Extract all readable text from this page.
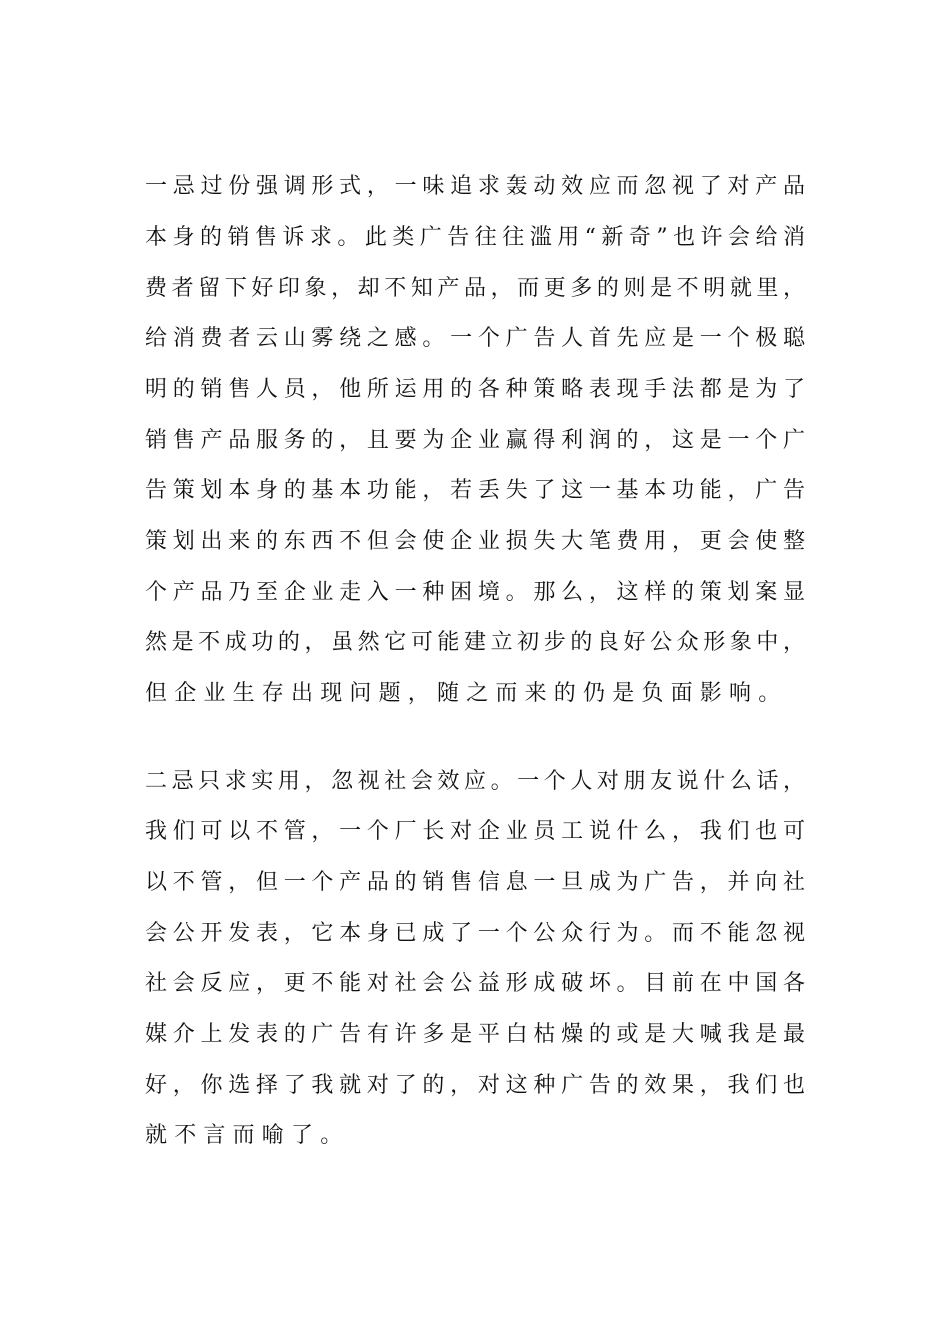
一忌过份强调形式，一味追求轰动效应而忽视了对产品
本身的销售诉求。此类广告往往滥用“新奇”也许会给消
费者留下好印象，却不知产品，而更多的则是不明就里，
给消费者云山雾绕之感。一个广告人首先应是一个极聪
明的销售人员，他所运用的各种策略表现手法都是为了
销售产品服务的，且要为企业赢得利润的，这是一个广
告策划本身的基本功能，若丢失了这一基本功能，广告
策划出来的东西不但会使企业损失大笔费用，更会使整
个产品乃至企业走入一种困境。那么，这样的策划案显
然是不成功的，虽然它可能建立初步的良好公众形象中，
但企业生存出现问题，随之而来的仍是负面影响。
二忌只求实用，忽视社会效应。一个人对朋友说什么话，
我们可以不管，一个厂长对企业员工说什么，我们也可
以不管，但一个产品的销售信息一旦成为广告，并向社
会公开发表，它本身已成了一个公众行为。而不能忽视
社会反应，更不能对社会公益形成破坏。目前在中国各
媒介上发表的广告有许多是平白枯燥的或是大喊我是最
好，你选择了我就对了的，对这种广告的效果，我们也
就不言而喻了。
